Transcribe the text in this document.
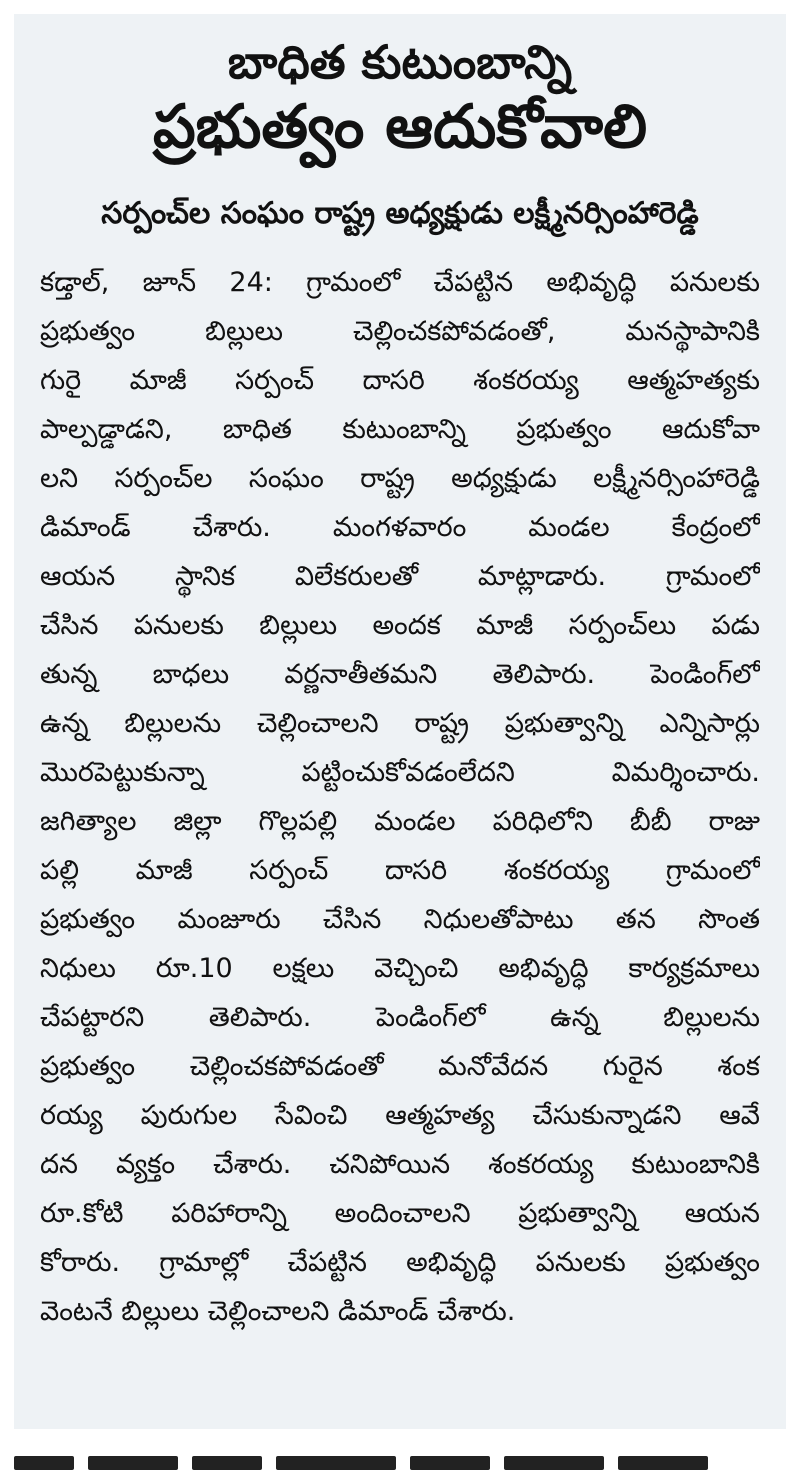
బాధిత కుటుంబాన్ని
ప్రభుత్వం ఆదుకోవాలి
సర్పంచ్‌ల సంఘం రాష్ట్ర అధ్యక్షుడు లక్ష్మీనర్సింహారెడ్డి
కడ్తాల్, జూన్ 24: గ్రామంలో చేపట్టిన అభివృద్ధి పనులకు
ప్రభుత్వం బిల్లులు చెల్లించకపోవడంతో, మనస్థాపానికి
గురై మాజీ సర్పంచ్ దాసరి శంకరయ్య ఆత్మహత్యకు
పాల్పడ్డాడని, బాధిత కుటుంబాన్ని ప్రభుత్వం ఆదుకోవా
లని సర్పంచ్‌ల సంఘం రాష్ట్ర అధ్యక్షుడు లక్ష్మీనర్సింహారెడ్డి
డిమాండ్ చేశారు. మంగళవారం మండల కేంద్రంలో
ఆయన స్థానిక విలేకరులతో మాట్లాడారు. గ్రామంలో
చేసిన పనులకు బిల్లులు అందక మాజీ సర్పంచ్‌లు పడు
తున్న బాధలు వర్ణనాతీతమని తెలిపారు. పెండింగ్‌లో
ఉన్న బిల్లులను చెల్లించాలని రాష్ట్ర ప్రభుత్వాన్ని ఎన్నిసార్లు
మొరపెట్టుకున్నా పట్టించుకోవడంలేదని విమర్శించారు.
జగిత్యాల జిల్లా గొల్లపల్లి మండల పరిధిలోని బీబీ రాజు
పల్లి మాజీ సర్పంచ్ దాసరి శంకరయ్య గ్రామంలో
ప్రభుత్వం మంజూరు చేసిన నిధులతోపాటు తన సొంత
నిధులు రూ.10 లక్షలు వెచ్చించి అభివృద్ధి కార్యక్రమాలు
చేపట్టారని తెలిపారు. పెండింగ్‌లో ఉన్న బిల్లులను
ప్రభుత్వం చెల్లించకపోవడంతో మనోవేదన గురైన శంక
రయ్య పురుగుల సేవించి ఆత్మహత్య చేసుకున్నాడని ఆవే
దన వ్యక్తం చేశారు. చనిపోయిన శంకరయ్య కుటుంబానికి
రూ.కోటి పరిహారాన్ని అందించాలని ప్రభుత్వాన్ని ఆయన
కోరారు. గ్రామాల్లో చేపట్టిన అభివృద్ధి పనులకు ప్రభుత్వం
వెంటనే బిల్లులు చెల్లించాలని డిమాండ్ చేశారు.
